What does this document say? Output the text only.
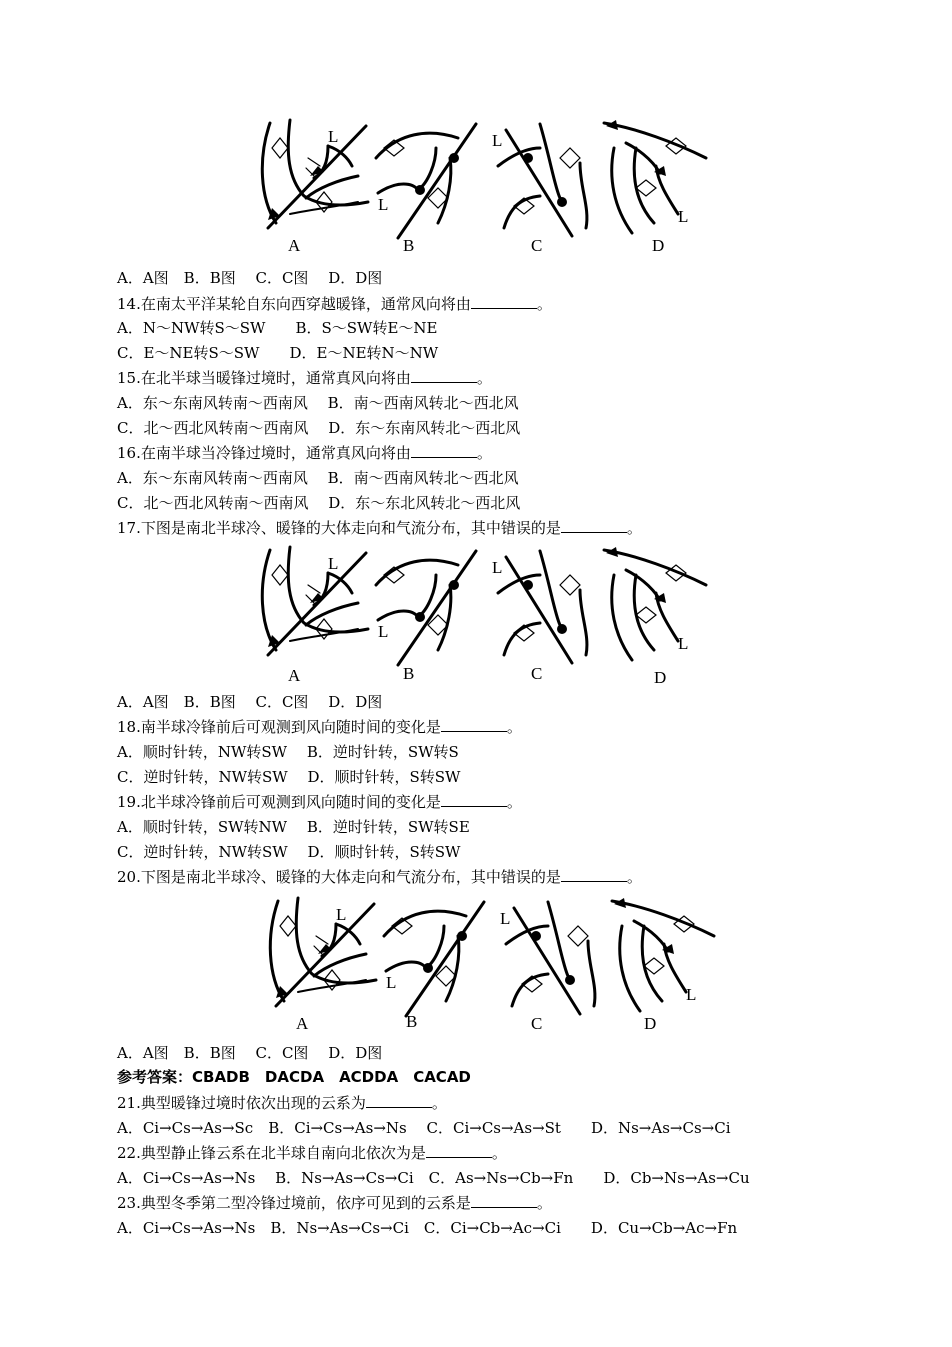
L
L
L
L
A	B	C	D
A．A图　B．B图　 C．C图　 D．D图
14.在南太平洋某轮自东向西穿越暖锋，通常风向将由	。
A．N～NW转S～SW　　B．S～SW转E～NE
C．E～NE转S～SW　　D．E～NE转N～NW
15.在北半球当暖锋过境时，通常真风向将由	。
A．东～东南风转南～西南风　 B．南～西南风转北～西北风
C．北～西北风转南～西南风　 D．东～东南风转北～西北风
16.在南半球当冷锋过境时，通常真风向将由	。
A．东～东南风转南～西南风　 B．南～西南风转北～西北风
C．北～西北风转南～西南风　 D．东～东北风转北～西北风
17.下图是南北半球冷、暖锋的大体走向和气流分布，其中错误的是	。
L
L
L
L
A	B	C	D
A．A图　B．B图　 C．C图　 D．D图
18.南半球冷锋前后可观测到风向随时间的变化是	。
A．顺时针转，NW转SW　 B．逆时针转，SW转S
C．逆时针转，NW转SW　 D．顺时针转，S转SW
19.北半球冷锋前后可观测到风向随时间的变化是	。
A．顺时针转，SW转NW　 B．逆时针转，SW转SE
C．逆时针转，NW转SW　 D．顺时针转，S转SW
20.下图是南北半球冷、暖锋的大体走向和气流分布，其中错误的是	。
L
L
L
L
A	B	C	D
A．A图　B．B图　 C．C图　 D．D图
参考答案：CBADB　DACDA　ACDDA　CACAD
21.典型暖锋过境时依次出现的云系为	。
A．Ci→Cs→As→Sc　B．Ci→Cs→As→Ns　 C．Ci→Cs→As→St　　D．Ns→As→Cs→Ci
22.典型静止锋云系在北半球自南向北依次为是	。
A．Ci→Cs→As→Ns　 B．Ns→As→Cs→Ci　C．As→Ns→Cb→Fn　　D．Cb→Ns→As→Cu
23.典型冬季第二型冷锋过境前，依序可见到的云系是	。
A．Ci→Cs→As→Ns　B．Ns→As→Cs→Ci　C．Ci→Cb→Ac→Ci　　D．Cu→Cb→Ac→Fn
